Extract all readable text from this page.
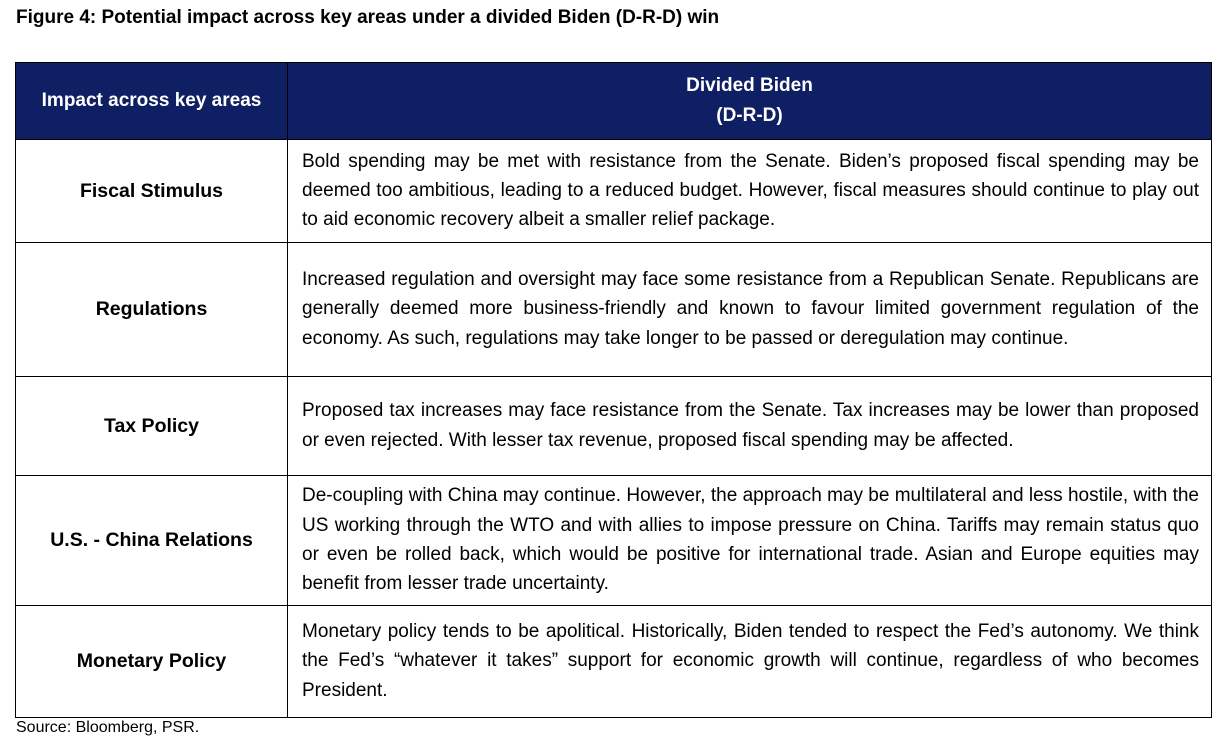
Figure 4: Potential impact across key areas under a divided Biden (D-R-D) win
Impact across key areas	Divided Biden
(D-R-D)
Fiscal Stimulus	Bold spending may be met with resistance from the Senate. Biden’s proposed fiscal spending may be deemed too ambitious, leading to a reduced budget. However, fiscal measures should continue to play out to aid economic recovery albeit a smaller relief package.
Regulations	Increased regulation and oversight may face some resistance from a Republican Senate. Republicans are generally deemed more business-friendly and known to favour limited government regulation of the economy. As such, regulations may take longer to be passed or deregulation may continue.
Tax Policy	Proposed tax increases may face resistance from the Senate. Tax increases may be lower than proposed or even rejected. With lesser tax revenue, proposed fiscal spending may be affected.
U.S. - China Relations	De-coupling with China may continue. However, the approach may be multilateral and less hostile, with the US working through the WTO and with allies to impose pressure on China. Tariffs may remain status quo or even be rolled back, which would be positive for international trade. Asian and Europe equities may benefit from lesser trade uncertainty.
Monetary Policy	Monetary policy tends to be apolitical. Historically, Biden tended to respect the Fed’s autonomy. We think the Fed’s “whatever it takes” support for economic growth will continue, regardless of who becomes President.
Source: Bloomberg, PSR.
